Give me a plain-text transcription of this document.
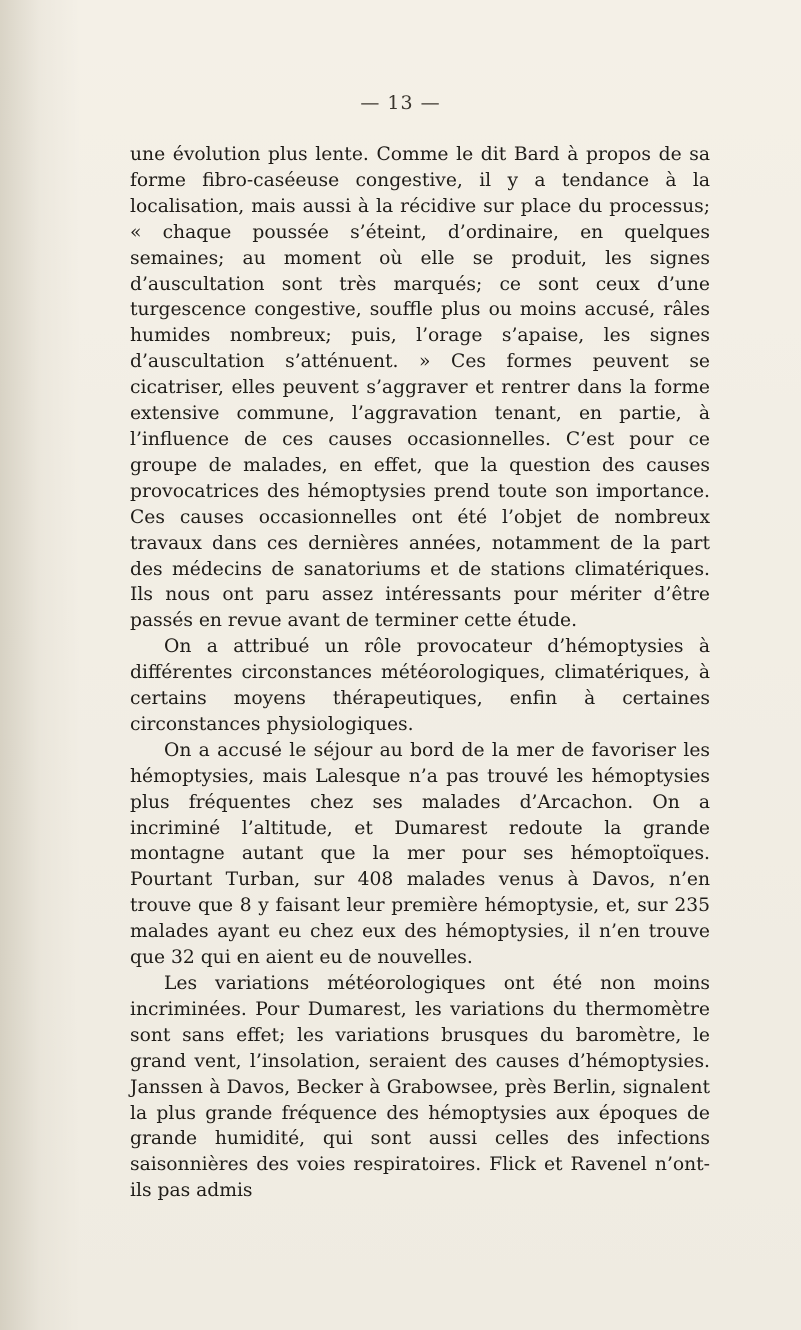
— 13 —

une évolution plus lente. Comme le dit Bard à propos de sa forme fibro-caséeuse congestive, il y a tendance à la localisation, mais aussi à la récidive sur place du processus; « chaque poussée s’éteint, d’ordinaire, en quelques semaines; au moment où elle se produit, les signes d’auscultation sont très marqués; ce sont ceux d’une turgescence congestive, souffle plus ou moins accusé, râles humides nombreux; puis, l’orage s’apaise, les signes d’auscultation s’atténuent. » Ces formes peuvent se cicatriser, elles peuvent s’aggraver et rentrer dans la forme extensive commune, l’aggravation tenant, en partie, à l’influence de ces causes occasionnelles. C’est pour ce groupe de malades, en effet, que la question des causes provocatrices des hémoptysies prend toute son importance. Ces causes occasionnelles ont été l’objet de nombreux travaux dans ces dernières années, notamment de la part des médecins de sanatoriums et de stations climatériques. Ils nous ont paru assez intéressants pour mériter d’être passés en revue avant de terminer cette étude.

On a attribué un rôle provocateur d’hémoptysies à différentes circonstances météorologiques, climatériques, à certains moyens thérapeutiques, enfin à certaines circonstances physiologiques.

On a accusé le séjour au bord de la mer de favoriser les hémoptysies, mais Lalesque n’a pas trouvé les hémoptysies plus fréquentes chez ses malades d’Arcachon. On a incriminé l’altitude, et Dumarest redoute la grande montagne autant que la mer pour ses hémoptoïques. Pourtant Turban, sur 408 malades venus à Davos, n’en trouve que 8 y faisant leur première hémoptysie, et, sur 235 malades ayant eu chez eux des hémoptysies, il n’en trouve que 32 qui en aient eu de nouvelles.

Les variations météorologiques ont été non moins incriminées. Pour Dumarest, les variations du thermomètre sont sans effet; les variations brusques du baromètre, le grand vent, l’insolation, seraient des causes d’hémoptysies. Janssen à Davos, Becker à Grabowsee, près Berlin, signalent la plus grande fréquence des hémoptysies aux époques de grande humidité, qui sont aussi celles des infections saisonnières des voies respiratoires. Flick et Ravenel n’ont-ils pas admis
